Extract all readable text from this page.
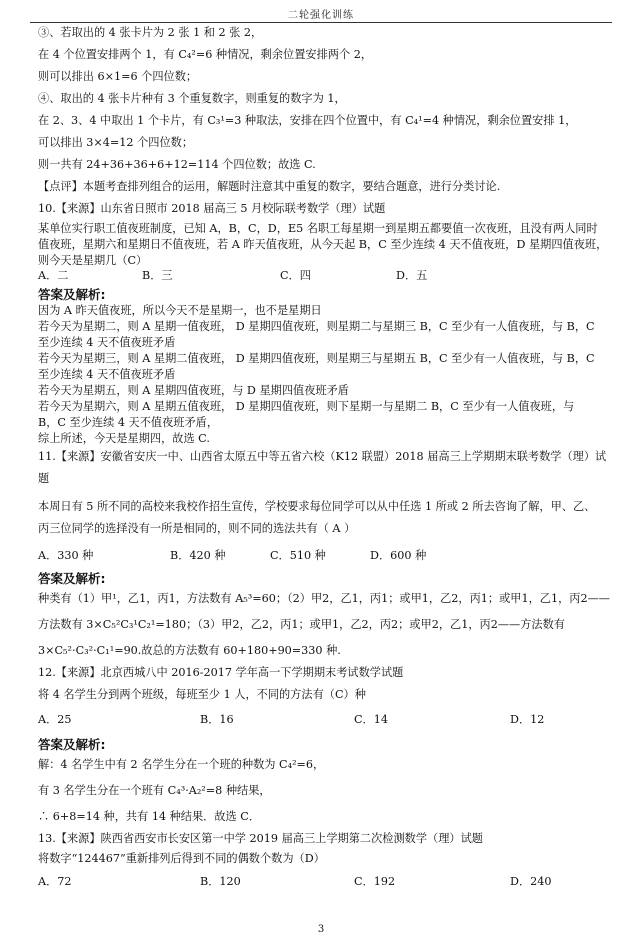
二轮强化训练
③、若取出的 4 张卡片为 2 张 1 和 2 张 2，
在 4 个位置安排两个 1，有 C₄²=6 种情况，剩余位置安排两个 2，
则可以排出 6×1=6 个四位数；
④、取出的 4 张卡片种有 3 个重复数字，则重复的数字为 1，
在 2、3、4 中取出 1 个卡片，有 C₃¹=3 种取法，安排在四个位置中，有 C₄¹=4 种情况，剩余位置安排 1，
可以排出 3×4=12 个四位数；
则一共有 24+36+36+6+12=114 个四位数；故选 C.
【点评】本题考查排列组合的运用，解题时注意其中重复的数字，要结合题意，进行分类讨论.
10.【来源】山东省日照市 2018 届高三 5 月校际联考数学（理）试题
某单位实行职工值夜班制度，已知 A，B，C，D，E5 名职工每星期一到星期五都要值一次夜班，且没有两人同时
值夜班，星期六和星期日不值夜班，若 A 昨天值夜班，从今天起 B，C 至少连续 4 天不值夜班，D 星期四值夜班，
则今天是星期几（C）
A．二	B．三	C．四	D．五
答案及解析:
因为 A 昨天值夜班，所以今天不是星期一，也不是星期日
若今天为星期二，则 A 星期一值夜班， D 星期四值夜班，则星期二与星期三 B，C 至少有一人值夜班，与 B，C
至少连续 4 天不值夜班矛盾
若今天为星期三，则 A 星期二值夜班， D 星期四值夜班，则星期三与星期五 B，C 至少有一人值夜班，与 B，C
至少连续 4 天不值夜班矛盾
若今天为星期五，则 A 星期四值夜班，与 D 星期四值夜班矛盾
若今天为星期六，则 A 星期五值夜班， D 星期四值夜班，则下星期一与星期二 B，C 至少有一人值夜班，与
B，C 至少连续 4 天不值夜班矛盾，
综上所述，今天是星期四，故选 C.
11.【来源】安徽省安庆一中、山西省太原五中等五省六校（K12 联盟）2018 届高三上学期期末联考数学（理）试
题
本周日有 5 所不同的高校来我校作招生宣传，学校要求每位同学可以从中任选 1 所或 2 所去咨询了解，甲、乙、
丙三位同学的选择没有一所是相同的，则不同的选法共有（ A ）
A．330 种	B．420 种	C．510 种	D．600 种
答案及解析:
种类有（1）甲¹，乙1，丙1，方法数有 A₅³=60；（2）甲2，乙1，丙1；或甲1，乙2，丙1；或甲1，乙1，丙2——
方法数有 3×C₅²C₃¹C₂¹=180；（3）甲2，乙2，丙1；或甲1，乙2，丙2；或甲2，乙1，丙2——方法数有
3×C₅²·C₃²·C₁¹=90.故总的方法数有 60+180+90=330 种.
12.【来源】北京西城八中 2016-2017 学年高一下学期期末考试数学试题
将 4 名学生分到两个班级，每班至少 1 人，不同的方法有（C）种
A．25	B．16	C．14	D．12
答案及解析:
解：4 名学生中有 2 名学生分在一个班的种数为 C₄²=6，
有 3 名学生分在一个班有 C₄³·A₂²=8 种结果，
∴ 6+8=14 种，共有 14 种结果．故选 C．
13.【来源】陕西省西安市长安区第一中学 2019 届高三上学期第二次检测数学（理）试题
将数字“124467”重新排列后得到不同的偶数个数为（D）
A．72	B．120	C．192	D．240
3
